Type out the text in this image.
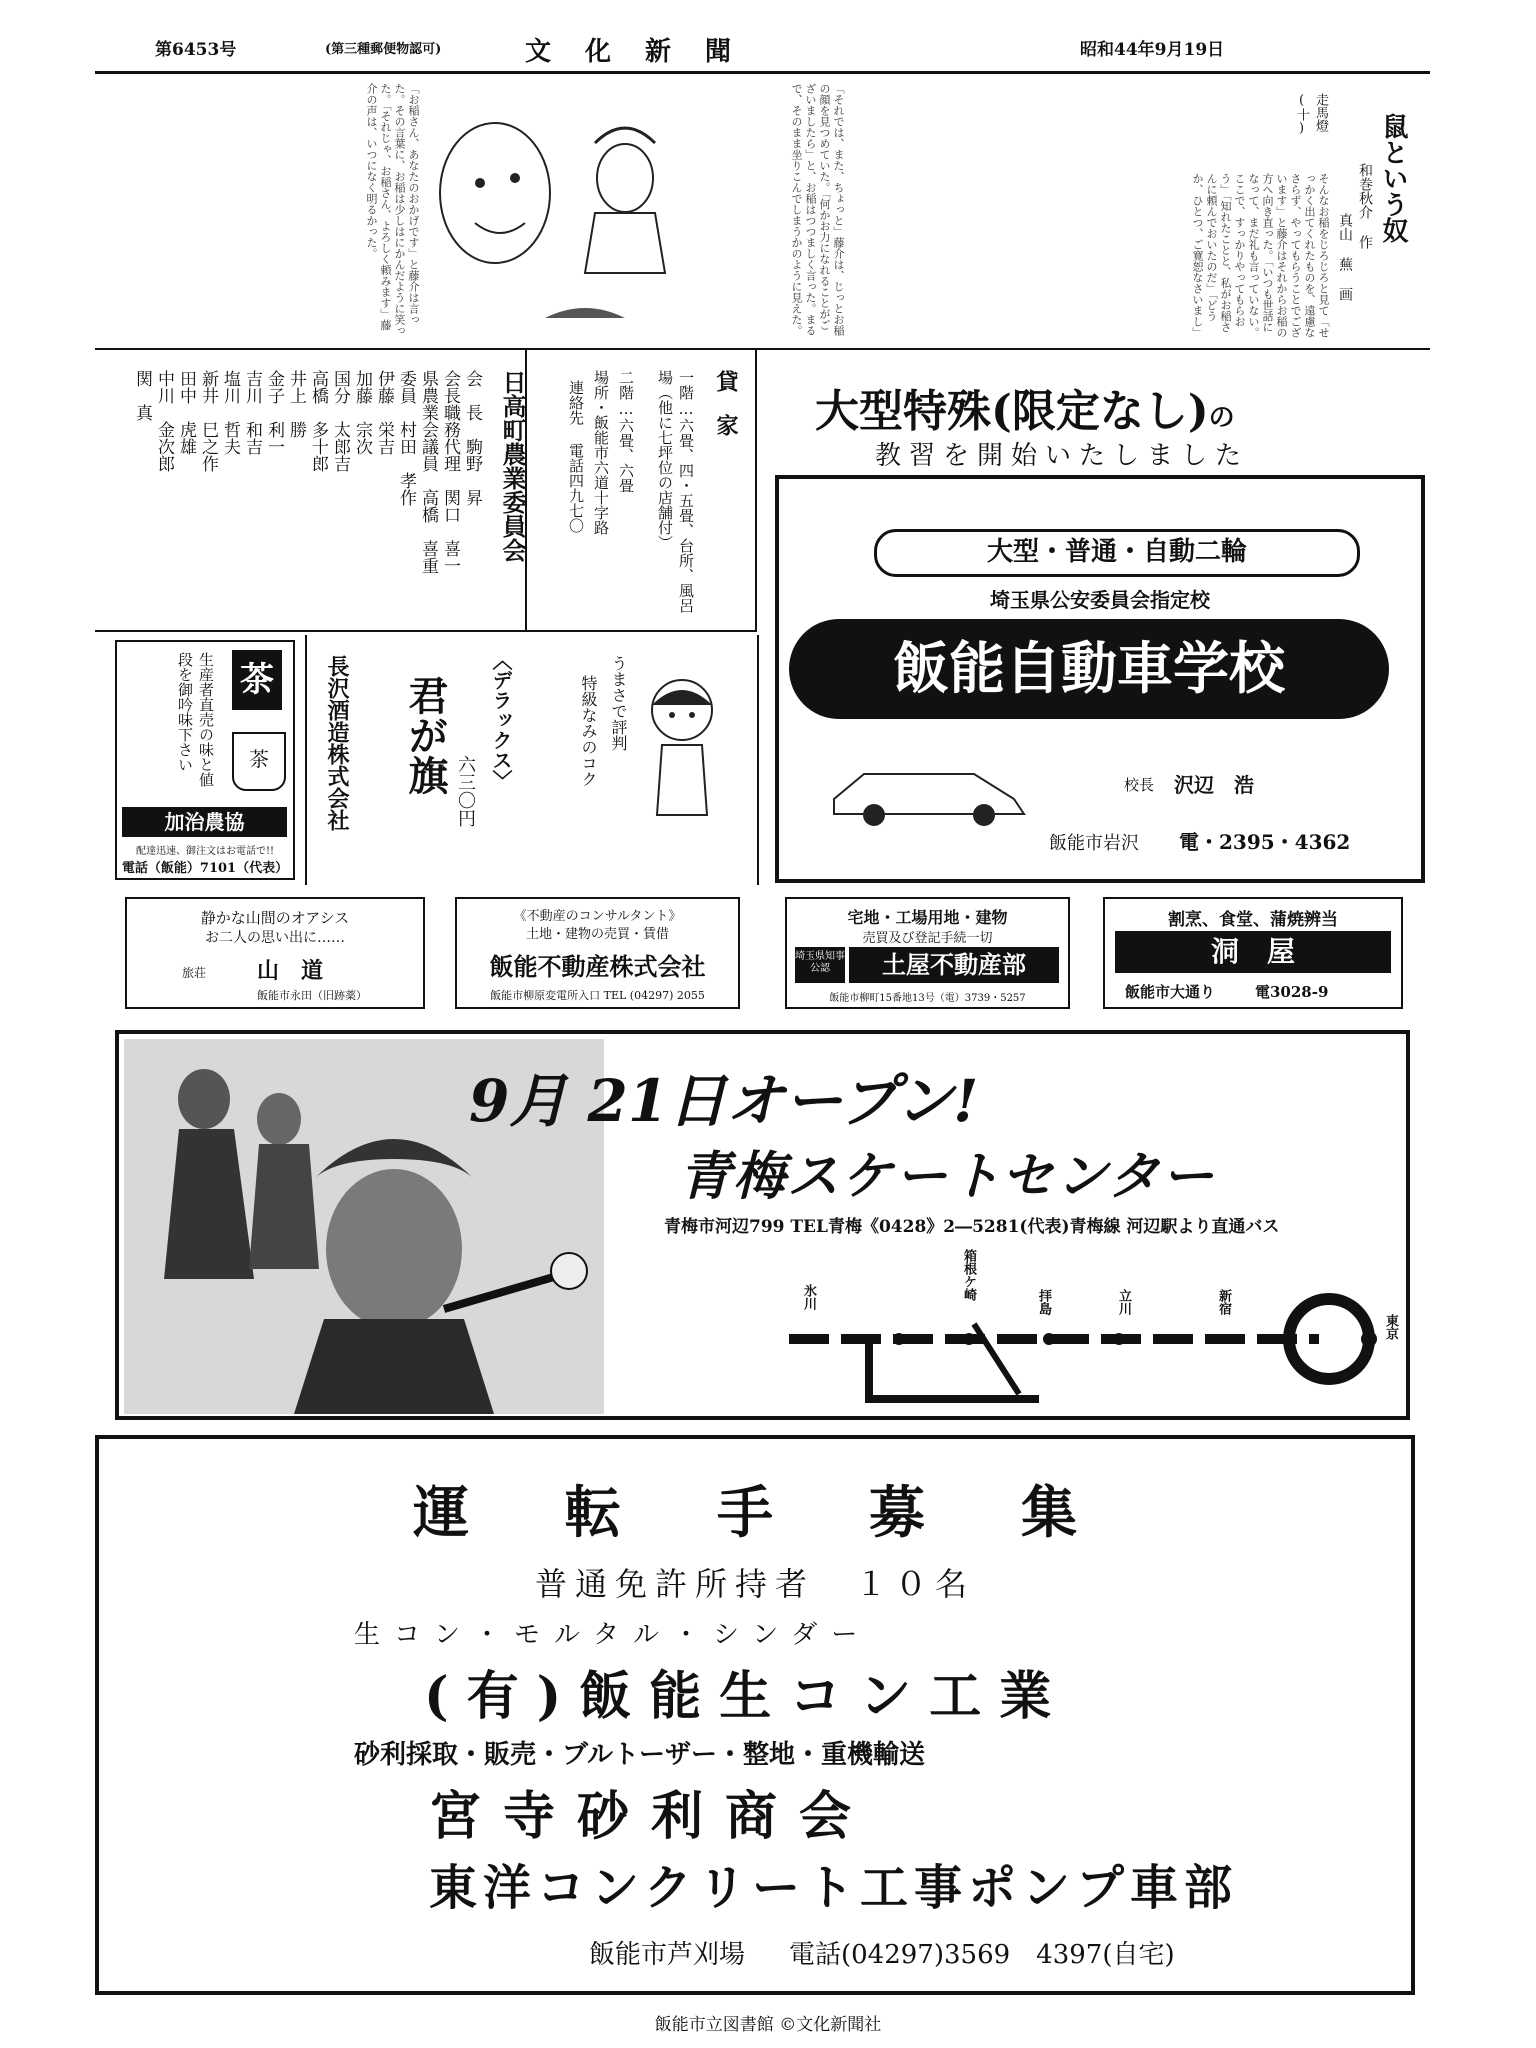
第6453号	(第三種郵便物認可)	文　化　新　聞	昭和44年9月19日
鼠という奴
和巻秋介 作
真山 蕪 画
走馬燈(十)
そんなお稲をじろじろと見て「せっかく出てくれたものを、遠慮なさらず、やってもらうことでございます」と藤介はそれからお稲の方へ向き直った。「いつも世話になって、まだ礼も言っていない。ここで、すっかりやってもらおう」「知れたことと、私がお稲さんに頼んでおいたのだ」「どうか、ひとつ、ご寛恕なさいまし」
「それでは、また、ちょっと」藤介は、じっとお稲の顔を見つめていた。「何かお力になれることがございましたら」と、お稲はつつましく言った。まるで、そのまま坐りこんでしまうかのように見えた。
「お稲さん、あなたのおかげです」と藤介は言った。その言葉に、お稲は少しはにかんだように笑った。「それじゃ、お稲さん、よろしく頼みます」藤介の声は、いつになく明るかった。
貸　家
一階…六畳、四・五畳、台所、風呂場（他に七坪位の店舗付）
二階…六畳、六畳
場所・飯能市六道十字路
連絡先 電話四九七〇
日高町農業委員会
会　長　駒野　昇
会長職務代理　関口　喜一
県農業会議員　高橋　喜重
委員　村田　孝作
伊藤　栄吉
加藤　宗次
国分　太郎吉
高橋　多十郎
井上　勝
金子　利一
吉川　和吉
塩川　哲夫
新井　巳之作
田中　虎雄
中川　金次郎
関　真
茶
茶
生産者直売の味と値段を御吟味下さい
加治農協
配達迅速、御注文はお電話で!!
電話（飯能）7101（代表）
長沢酒造株式会社 君が旗 六三〇円
〈デラックス〉	特級なみのコク うまさで評判
大型特殊(限定なし)の
教習を開始いたしました
大型・普通・自動二輪
埼玉県公安委員会指定校
飯能自動車学校
校長 沢辺　浩
飯能市岩沢 電・2395・4362
静かな山間のオアシス
お二人の思い出に……
旅荘 山　道
飯能市永田（旧跡薬）
《不動産のコンサルタント》
土地・建物の売買・賃借
飯能不動産株式会社
飯能市柳原変電所入口 TEL (04297) 2055
宅地・工場用地・建物
売買及び登記手続一切
埼玉県知事公認	土屋不動産部
飯能市柳町15番地13号（電）3739・5257
割烹、食堂、蒲焼辨当
洞　屋
飯能市大通り	電3028-9
9月 21日オープン!
青梅スケートセンター
青梅市河辺799 TEL青梅《0428》2―5281(代表)青梅線 河辺駅より直通バス
氷川	箱根ケ崎
拝島	立川	新宿
東京
運　転　手　募　集
普通免許所持者　１０名
生コン・モルタル・シンダー
(有)飯能生コン工業
砂利採取・販売・ブルトーザー・整地・重機輸送
宮寺砂利商会
東洋コンクリート工事ポンプ車部
飯能市芦刈場 電話(04297)3569　4397(自宅)
飯能市立図書館 ©文化新聞社
